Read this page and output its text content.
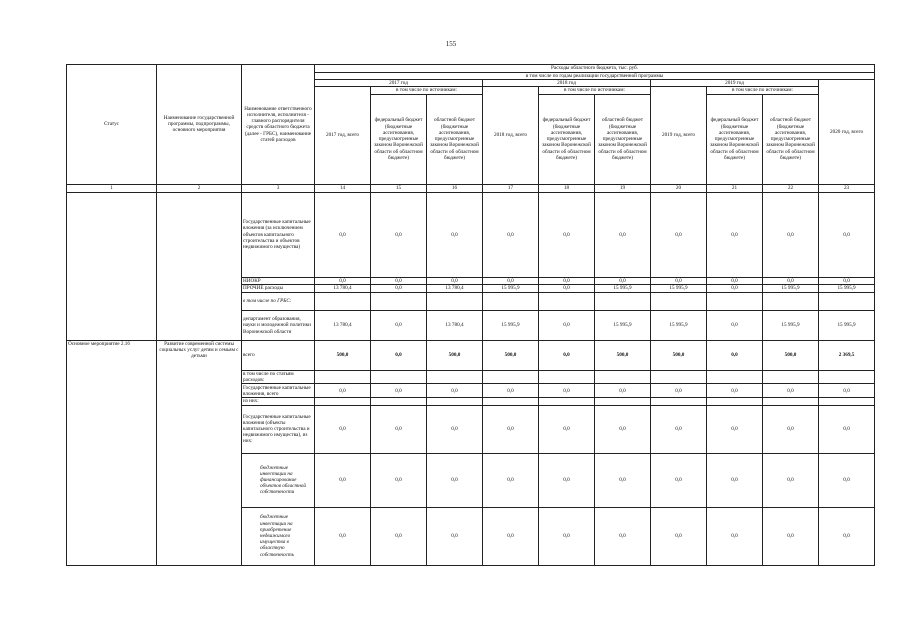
155
Статус	Наименование государственной программы, подпрограммы, основного мероприятия	Наименование ответственного исполнителя, исполнителя - главного распорядителя средств областного бюджета (далее - ГРБС), наименование статей расходов	Расходы областного бюджета, тыс. руб.									
			в том числе по годам реализации государственной программы									
			2017 год			2018 год			2019 год			2020 год, всего
			2017 год, всего	в том числе по источникам:		2018 год, всего	в том числе по источникам:		2019 год, всего	в том числе по источникам:		
				федеральный бюджет (бюджетные ассигнования, предусмотренные законом Воронежской области об областном бюджете)	областной бюджет (бюджетные ассигнования, предусмотренные законом Воронежской области об областном бюджете)		федеральный бюджет (бюджетные ассигнования, предусмотренные законом Воронежской области об областном бюджете)	областной бюджет (бюджетные ассигнования, предусмотренные законом Воронежской области об областном бюджете)		федеральный бюджет (бюджетные ассигнования, предусмотренные законом Воронежской области об областном бюджете)	областной бюджет (бюджетные ассигнования, предусмотренные законом Воронежской области об областном бюджете)	
1	2	3	14	15	16	17	18	19	20	21	22	23
		Государственные капитальные вложения (за исключением объектов капитального строительства и объектов недвижимого имущества)	0,0	0,0	0,0	0,0	0,0	0,0	0,0	0,0	0,0	0,0
		НИОКР	0,0	0,0	0,0	0,0	0,0	0,0	0,0	0,0	0,0	0,0
		ПРОЧИЕ расходы	13 780,4	0,0	13 780,4	15 995,9	0,0	15 995,9	15 995,9	0,0	15 995,9	15 995,9
		в том числе по ГРБС:										
		департамент образования, науки и молодежной политики Воронежской области	13 780,4	0,0	13 780,4	15 995,9	0,0	15 995,9	15 995,9	0,0	15 995,9	15 995,9
Основное мероприятие 2.16	Развитие современной системы социальных услуг детям и семьям с детьми	всего	500,0	0,0	500,0	500,0	0,0	500,0	500,0	0,0	500,0	2 369,5
		в том числе по статьям расходов:										
		Государственные капитальные вложения, всего	0,0	0,0	0,0	0,0	0,0	0,0	0,0	0,0	0,0	0,0
		из них:										
		Государственные капитальные вложения (объекты капитального строительства и недвижимого имущества), из них:	0,0	0,0	0,0	0,0	0,0	0,0	0,0	0,0	0,0	0,0
		бюджетные инвестиции на финансирование объектов областной собственности	0,0	0,0	0,0	0,0	0,0	0,0	0,0	0,0	0,0	0,0
		бюджетные инвестиции на приобретение недвижимого имущества в областную собственность	0,0	0,0	0,0	0,0	0,0	0,0	0,0	0,0	0,0	0,0
